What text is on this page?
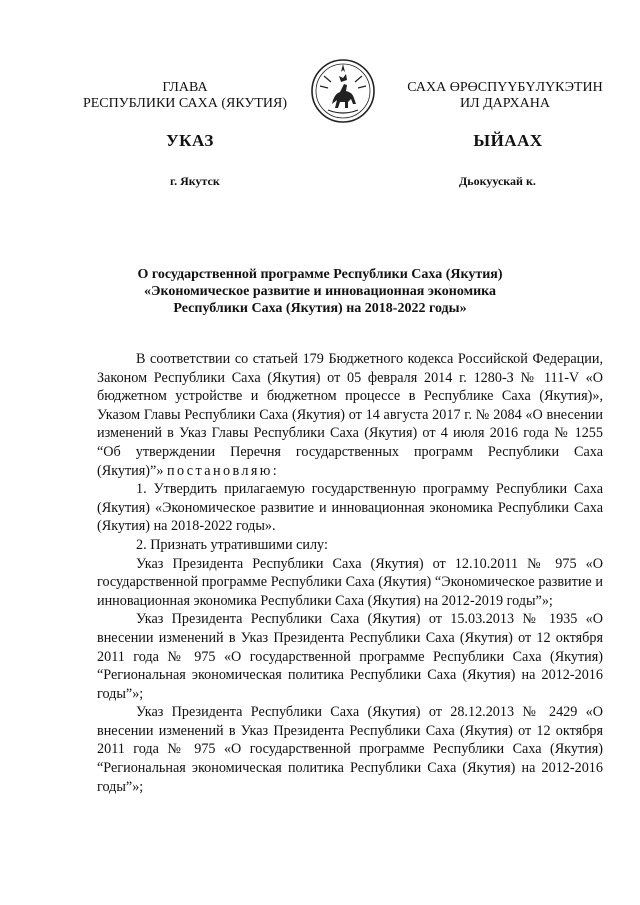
ГЛАВА
РЕСПУБЛИКИ САХА (ЯКУТИЯ)
САХА ӨРӨСПҮҮБҮЛҮКЭТИН
ИЛ ДАРХАНА
УКАЗ	ЫЙААХ
г. Якутск	Дьокуускай к.
О государственной программе Республики Саха (Якутия)
«Экономическое развитие и инновационная экономика
Республики Саха (Якутия) на 2018-2022 годы»

В соответствии со статьей 179 Бюджетного кодекса Российской Федерации, Законом Республики Саха (Якутия) от 05 февраля 2014 г. 1280-З № 111-V «О бюджетном устройстве и бюджетном процессе в Республике Саха (Якутия)», Указом Главы Республики Саха (Якутия) от 14 августа 2017 г. № 2084 «О внесении изменений в Указ Главы Республики Саха (Якутия) от 4 июля 2016 года № 1255 “Об утверждении Перечня государственных программ Республики Саха (Якутия)”» постановляю:

1. Утвердить прилагаемую государственную программу Республики Саха (Якутия) «Экономическое развитие и инновационная экономика Республики Саха (Якутия) на 2018-2022 годы».

2. Признать утратившими силу:

Указ Президента Республики Саха (Якутия) от 12.10.2011 № 975 «О государственной программе Республики Саха (Якутия) “Экономическое развитие и инновационная экономика Республики Саха (Якутия) на 2012-2019 годы”»;

Указ Президента Республики Саха (Якутия) от 15.03.2013 № 1935 «О внесении изменений в Указ Президента Республики Саха (Якутия) от 12 октября 2011 года № 975 «О государственной программе Республики Саха (Якутия) “Региональная экономическая политика Республики Саха (Якутия) на 2012-2016 годы”»;

Указ Президента Республики Саха (Якутия) от 28.12.2013 № 2429 «О внесении изменений в Указ Президента Республики Саха (Якутия) от 12 октября 2011 года № 975 «О государственной программе Республики Саха (Якутия) “Региональная экономическая политика Республики Саха (Якутия) на 2012-2016 годы”»;
